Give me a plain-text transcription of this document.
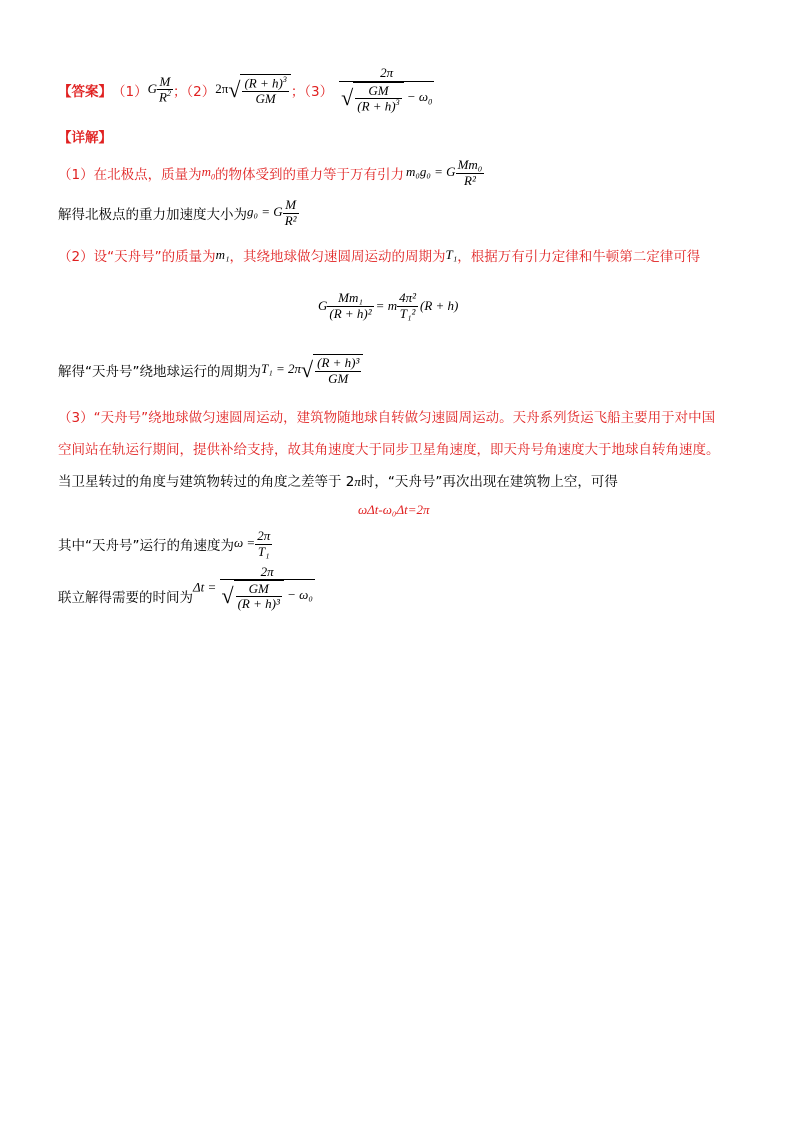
【答案】 （1） G $\frac{M}{R^2}$ ；（2） $2\pi√ \frac{(R + h)^3}{GM}$ ；$(3) \frac{2\pi}{√ \frac{GM}{(R + h)^3} - \omega_0}$
【详解】
（1）在北极点，质量为 $m_0$ 的物体受到的重力等于万有引力 m₀g₀ = G $\frac{\text{Mm₀}}{\text{R²}}$
解得北极点的重力加速度大小为 g₀ = G $\frac{M}{\text{R²}}$
（2）设“天舟号”的质量为 m₁ ，其绕地球做匀速圆周运动的周期为 T₁ ，根据万有引力定律和牛顿第二定律可得
G $\frac{\text{Mm₁}}{\text{(R + h)²}} = m \frac{\text{4π²}}{\text{T₁²}} (R + h)$
解得“天舟号”绕地球运行的周期为 $T_1 = 2\pi√ \frac{\text{(R + h)³}}{GM}$
（3）“天舟号”绕地球做匀速圆周运动，建筑物随地球自转做匀速圆周运动。天舟系列货运飞船主要用于对中国
空间站在轨运行期间，提供补给支持，故其角速度大于同步卫星角速度，即天舟号角速度大于地球自转角速度。
当卫星转过的角度与建筑物转过的角度之差等于 2π时，“天舟号”再次出现在建筑物上空，可得
ωΔt-ω₀Δt=2π
其中“天舟号”运行的角速度为 $\omega = \frac{2\pi}{\text{T₁}}$
联立解得需要的时间为
$\Delta t = \frac{2\pi}{√ \frac{GM}{\text{(R + h)³}} - \omega_0}$
